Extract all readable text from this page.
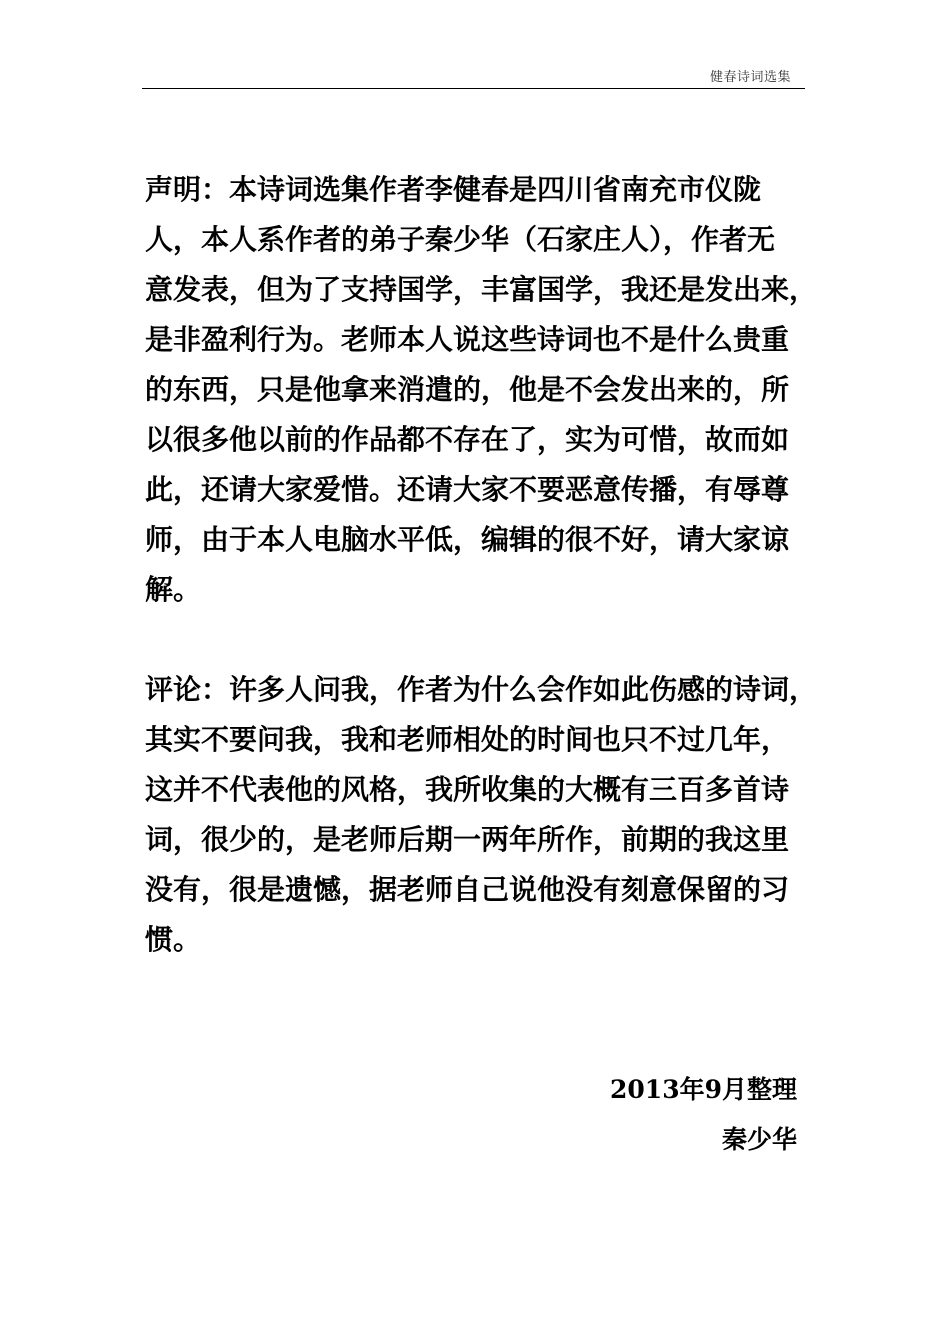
健春诗词选集
声明：本诗词选集作者李健春是四川省南充市仪陇
人，本人系作者的弟子秦少华（石家庄人），作者无
意发表，但为了支持国学，丰富国学，我还是发出来，
是非盈利行为。老师本人说这些诗词也不是什么贵重
的东西，只是他拿来消遣的，他是不会发出来的，所
以很多他以前的作品都不存在了，实为可惜，故而如
此，还请大家爱惜。还请大家不要恶意传播，有辱尊
师，由于本人电脑水平低，编辑的很不好，请大家谅
解。
评论：许多人问我，作者为什么会作如此伤感的诗词，
其实不要问我，我和老师相处的时间也只不过几年，
这并不代表他的风格，我所收集的大概有三百多首诗
词，很少的，是老师后期一两年所作，前期的我这里
没有，很是遗憾，据老师自己说他没有刻意保留的习
惯。
2013年9月整理
秦少华
